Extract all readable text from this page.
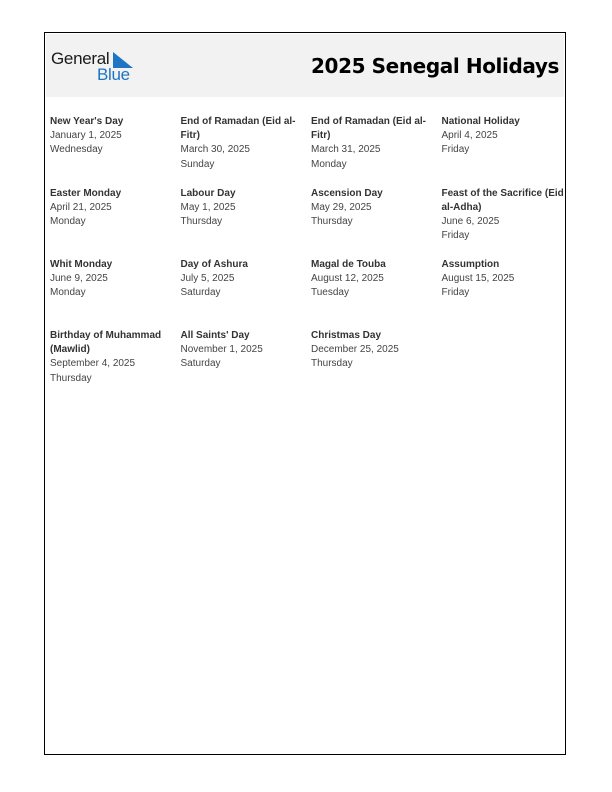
General
Blue	2025 Senegal Holidays
New Year's Day
January 1, 2025
Wednesday
End of Ramadan (Eid al-Fitr)
March 30, 2025
Sunday
End of Ramadan (Eid al-Fitr)
March 31, 2025
Monday
National Holiday
April 4, 2025
Friday
Easter Monday
April 21, 2025
Monday
Labour Day
May 1, 2025
Thursday
Ascension Day
May 29, 2025
Thursday
Feast of the Sacrifice (Eid al-Adha)
June 6, 2025
Friday
Whit Monday
June 9, 2025
Monday
Day of Ashura
July 5, 2025
Saturday
Magal de Touba
August 12, 2025
Tuesday
Assumption
August 15, 2025
Friday
Birthday of Muhammad (Mawlid)
September 4, 2025
Thursday
All Saints' Day
November 1, 2025
Saturday
Christmas Day
December 25, 2025
Thursday
